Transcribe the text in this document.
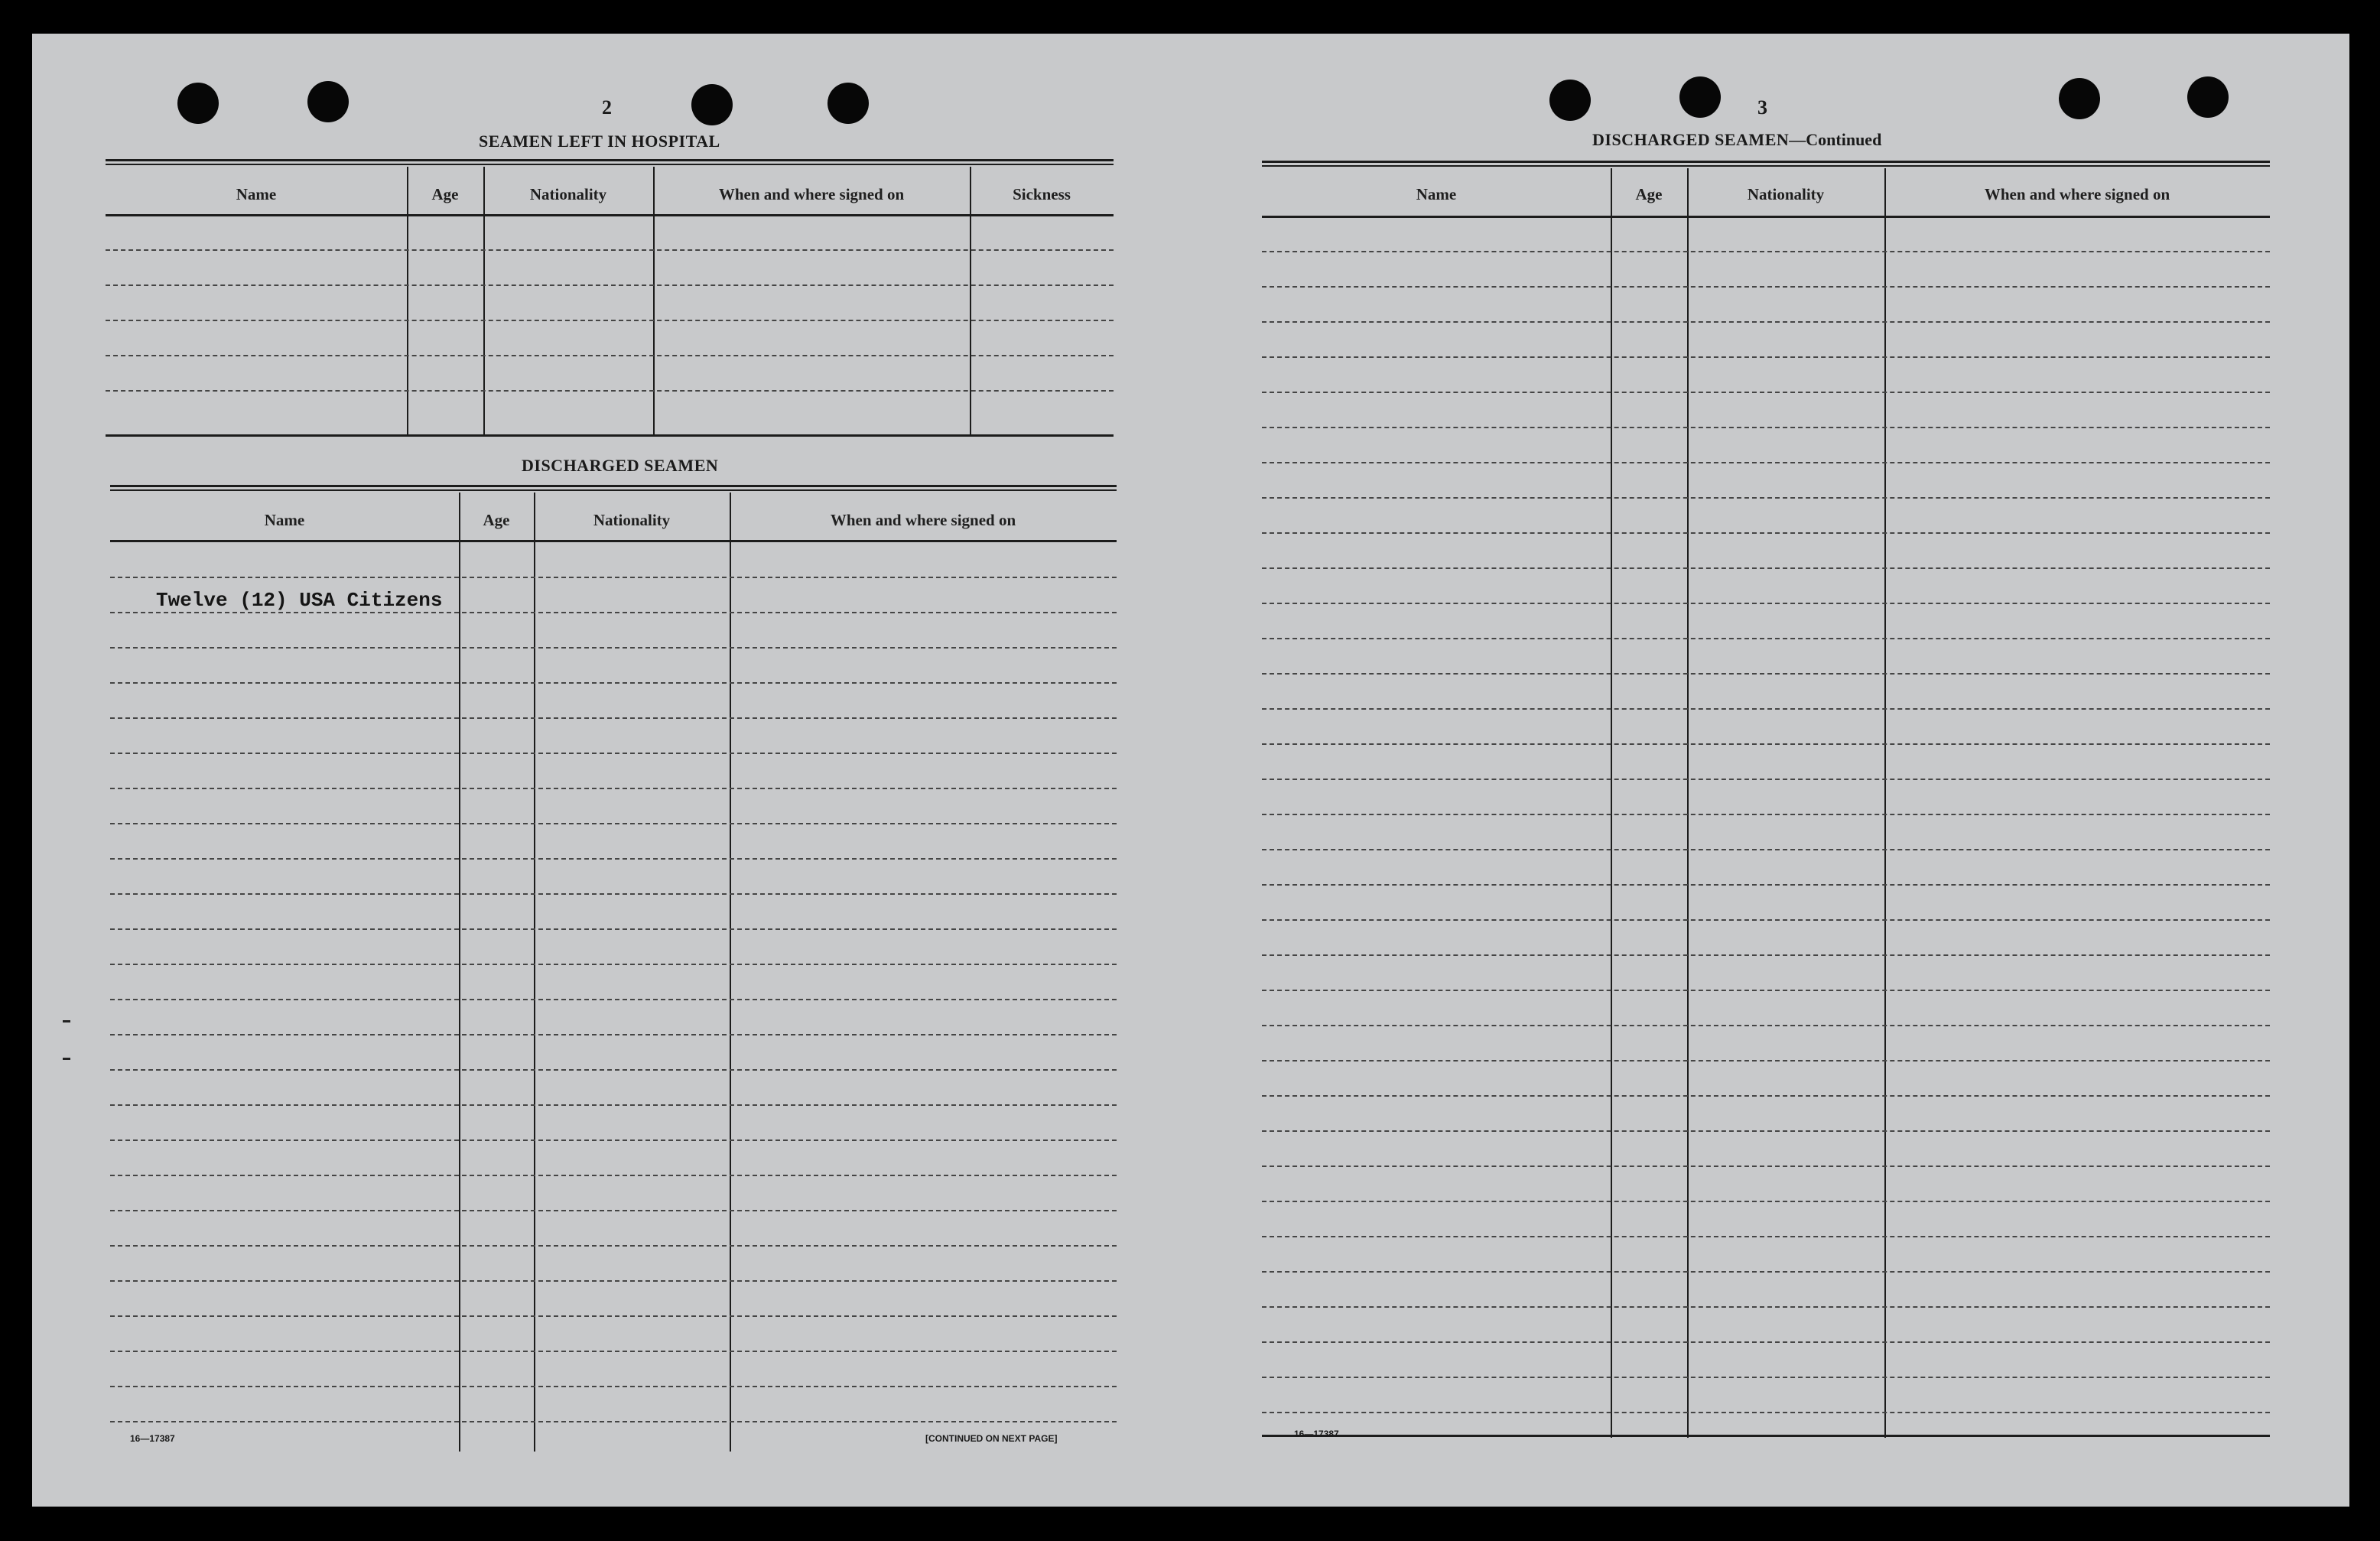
2
SEAMEN LEFT IN HOSPITAL
Name	Age	Nationality	When and where signed on	Sickness
DISCHARGED SEAMEN
Name	Age	Nationality	When and where signed on
Twelve (12) USA Citizens
16—17387	[CONTINUED ON NEXT PAGE]
3
DISCHARGED SEAMEN—Continued
Name	Age	Nationality	When and where signed on
16—17387
